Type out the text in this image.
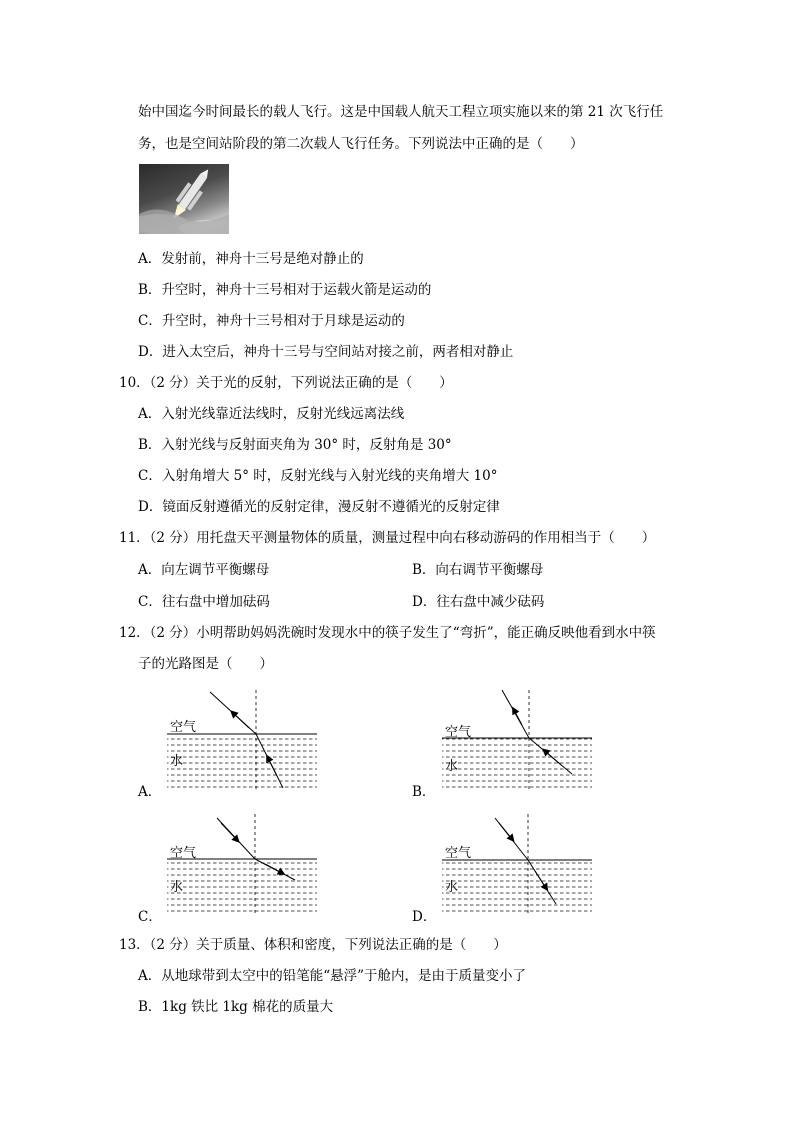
始中国迄今时间最长的载人飞行。这是中国载人航天工程立项实施以来的第 21 次飞行任
务，也是空间站阶段的第二次载人飞行任务。下列说法中正确的是（　　）
A．发射前，神舟十三号是绝对静止的
B．升空时，神舟十三号相对于运载火箭是运动的
C．升空时，神舟十三号相对于月球是运动的
D．进入太空后，神舟十三号与空间站对接之前，两者相对静止
10．（2 分）关于光的反射，下列说法正确的是（　　）
A．入射光线靠近法线时，反射光线远离法线
B．入射光线与反射面夹角为 30° 时，反射角是 30°
C．入射角增大 5° 时，反射光线与入射光线的夹角增大 10°
D．镜面反射遵循光的反射定律，漫反射不遵循光的反射定律
11．（2 分）用托盘天平测量物体的质量，测量过程中向右移动游码的作用相当于（　　）
A．向左调节平衡螺母	B．向右调节平衡螺母
C．往右盘中增加砝码	D．往右盘中减少砝码
12．（2 分）小明帮助妈妈洗碗时发现水中的筷子发生了“弯折”，能正确反映他看到水中筷
子的光路图是（　　）
空气
水
A．
空气
水
B．
空气
水
C．
空气
水
D．
13．（2 分）关于质量、体积和密度，下列说法正确的是（　　）
A．从地球带到太空中的铅笔能“悬浮”于舱内，是由于质量变小了
B．1kg 铁比 1kg 棉花的质量大
